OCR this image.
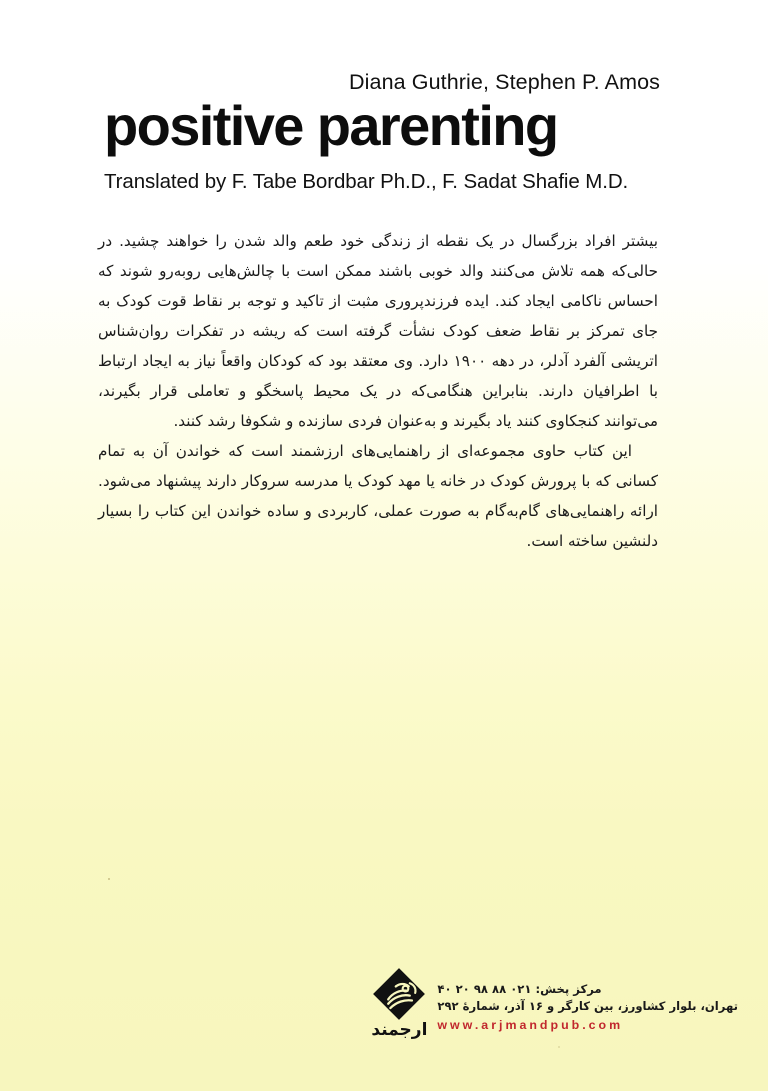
Diana Guthrie, Stephen P. Amos
positive parenting
Translated by F. Tabe Bordbar Ph.D., F. Sadat Shafie M.D.

بیشتر افراد بزرگسال در یک نقطه از زندگی خود طعم والد شدن را خواهند چشید. در حالی‌که همه تلاش می‌کنند والد خوبی باشند ممکن است با چالش‌هایی روبه‌رو شوند که احساس ناکامی ایجاد کند. ایده فرزندپروری مثبت از تاکید و توجه بر نقاط قوت کودک به جای تمرکز بر نقاط ضعف کودک نشأت گرفته است که ریشه در تفکرات روان‌شناس اتریشی آلفرد آدلر، در دهه ۱۹۰۰ دارد. وی معتقد بود که کودکان واقعاً نیاز به ایجاد ارتباط با اطرافیان دارند. بنابراین هنگامی‌که در یک محیط پاسخگو و تعاملی قرار بگیرند، می‌توانند کنجکاوی کنند یاد بگیرند و به‌عنوان فردی سازنده و شکوفا رشد کنند.

این کتاب حاوی مجموعه‌ای از راهنمایی‌های ارزشمند است که خواندن آن به تمام کسانی که با پرورش کودک در خانه یا مهد کودک یا مدرسه سروکار دارند پیشنهاد می‌شود. ارائه راهنمایی‌های گام‌به‌گام به صورت عملی، کاربردی و ساده خواندن این کتاب را بسیار دلنشین ساخته است.

مرکز پخش: ۰۲۱ ۸۸ ۹۸ ۲۰ ۴۰
تهران، بلوار کشاورز، بین کارگر و ۱۶ آذر، شمارۀ ۲۹۲
www.arjmandpub.com
ارجمند
